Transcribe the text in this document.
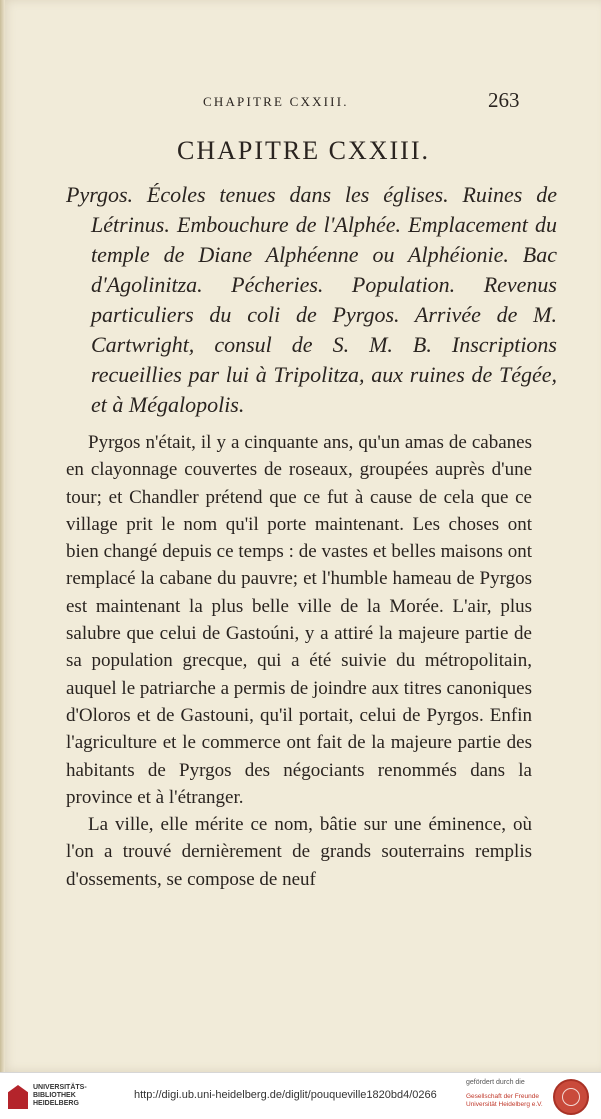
CHAPITRE CXXIII.	263
CHAPITRE CXXIII.

Pyrgos. Écoles tenues dans les églises. Ruines de Létrinus. Embouchure de l'Alphée. Emplacement du temple de Diane Alphéenne ou Alphéionie. Bac d'Agolinitza. Pécheries. Population. Revenus particuliers du coli de Pyrgos. Arrivée de M. Cartwright, consul de S. M. B. Inscriptions recueillies par lui à Tripolitza, aux ruines de Tégée, et à Mégalopolis.

Pyrgos n'était, il y a cinquante ans, qu'un amas de cabanes en clayonnage couvertes de roseaux, groupées auprès d'une tour; et Chandler prétend que ce fut à cause de cela que ce village prit le nom qu'il porte maintenant. Les choses ont bien changé depuis ce temps : de vastes et belles maisons ont remplacé la cabane du pauvre; et l'humble hameau de Pyrgos est maintenant la plus belle ville de la Morée. L'air, plus salubre que celui de Gastoúni, y a attiré la majeure partie de sa population grecque, qui a été suivie du métropolitain, auquel le patriarche a permis de joindre aux titres canoniques d'Oloros et de Gastouni, qu'il portait, celui de Pyrgos. Enfin l'agriculture et le commerce ont fait de la majeure partie des habitants de Pyrgos des négociants renommés dans la province et à l'étranger.

La ville, elle mérite ce nom, bâtie sur une éminence, où l'on a trouvé dernièrement de grands souterrains remplis d'ossements, se compose de neuf

UNIVERSITÄTS-
BIBLIOTHEK
HEIDELBERG
http://digi.ub.uni-heidelberg.de/diglit/pouqueville1820bd4/0266
gefördert durch die
Gesellschaft der Freunde
Universität Heidelberg e.V.
